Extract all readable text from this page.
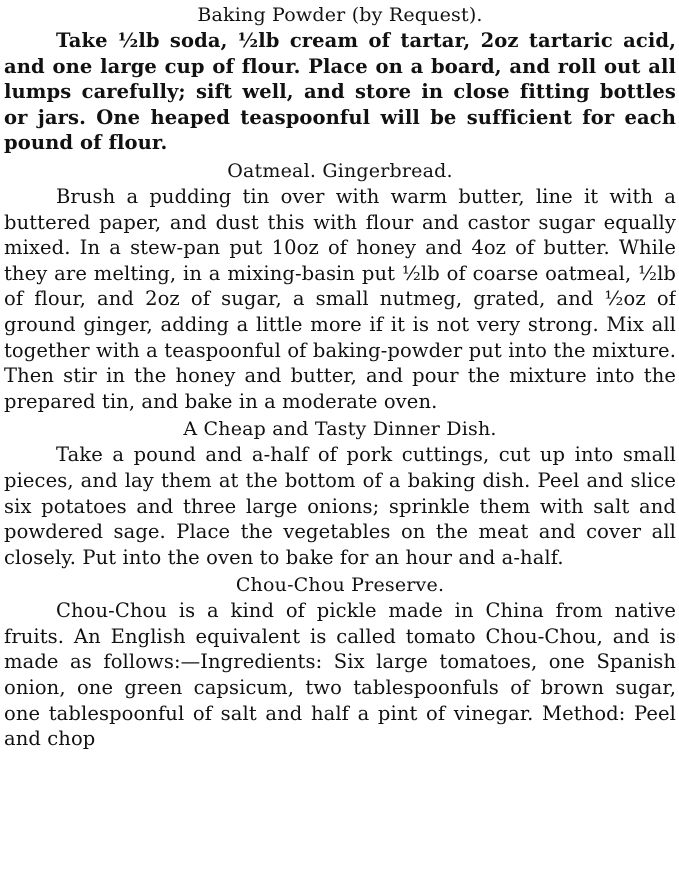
Baking Powder (by Request).

Take ½lb soda, ½lb cream of tartar, 2oz tartaric acid, and one large cup of flour. Place on a board, and roll out all lumps carefully; sift well, and store in close fitting bottles or jars. One heaped teaspoonful will be sufficient for each pound of flour.

Oatmeal. Gingerbread.

Brush a pudding tin over with warm butter, line it with a buttered paper, and dust this with flour and castor sugar equally mixed. In a stew-pan put 10oz of honey and 4oz of butter. While they are melting, in a mixing-basin put ½lb of coarse oatmeal, ½lb of flour, and 2oz of sugar, a small nutmeg, grated, and ½oz of ground ginger, adding a little more if it is not very strong. Mix all together with a teaspoonful of baking-powder put into the mixture. Then stir in the honey and butter, and pour the mixture into the prepared tin, and bake in a moderate oven.

A Cheap and Tasty Dinner Dish.

Take a pound and a-half of pork cuttings, cut up into small pieces, and lay them at the bottom of a baking dish. Peel and slice six potatoes and three large onions; sprinkle them with salt and powdered sage. Place the vegetables on the meat and cover all closely. Put into the oven to bake for an hour and a-half.

Chou-Chou Preserve.

Chou-Chou is a kind of pickle made in China from native fruits. An English equivalent is called tomato Chou-Chou, and is made as follows:—Ingredients: Six large tomatoes, one Spanish onion, one green capsicum, two tablespoonfuls of brown sugar, one tablespoonful of salt and half a pint of vinegar. Method: Peel and chop
